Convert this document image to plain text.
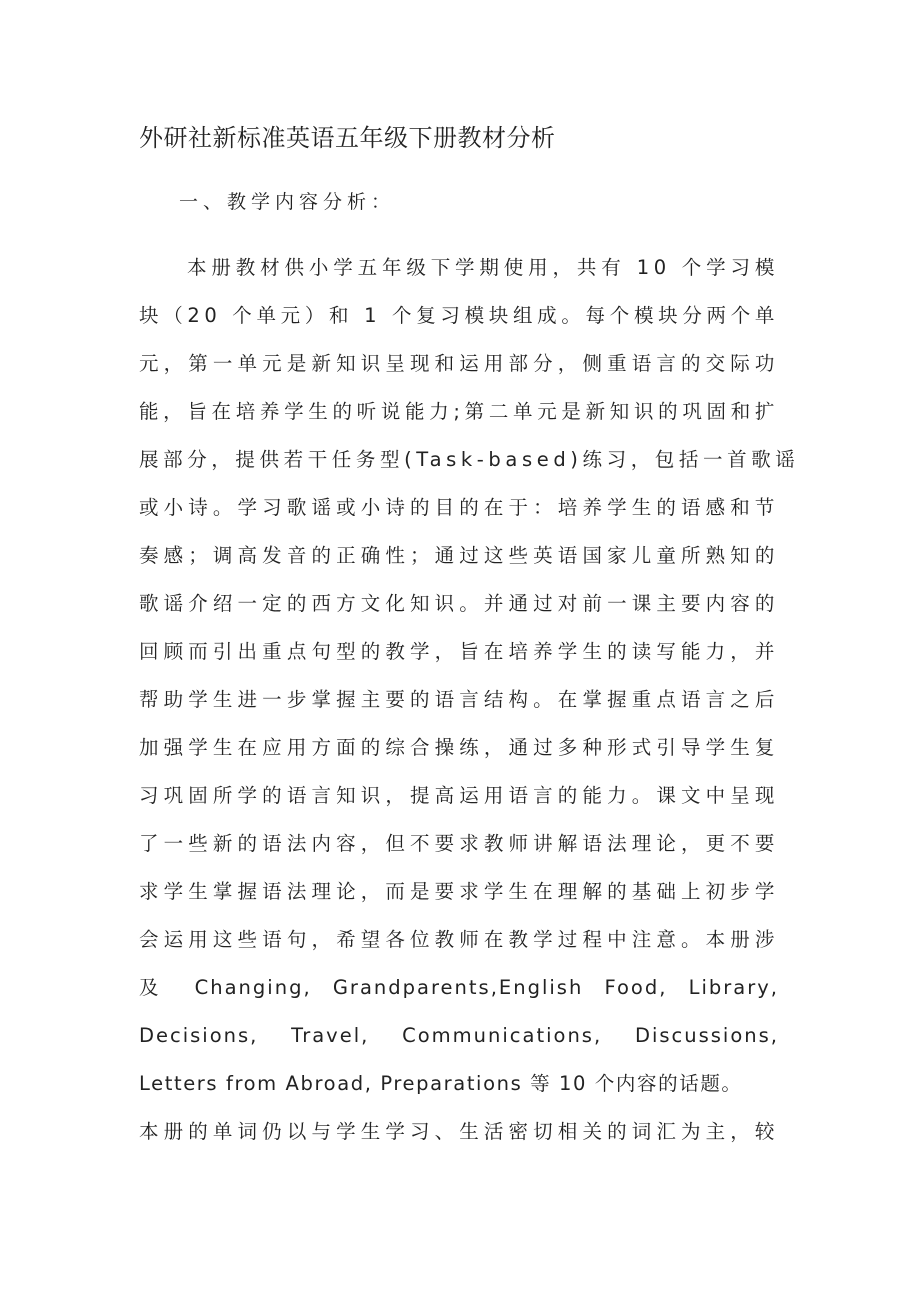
外研社新标准英语五年级下册教材分析
一、教学内容分析：
本册教材供小学五年级下学期使用，共有 10 个学习模
块（20 个单元）和 1 个复习模块组成。每个模块分两个单
元，第一单元是新知识呈现和运用部分，侧重语言的交际功
能，旨在培养学生的听说能力;第二单元是新知识的巩固和扩
展部分，提供若干任务型(Task-based)练习，包括一首歌谣
或小诗。学习歌谣或小诗的目的在于：培养学生的语感和节
奏感；调高发音的正确性；通过这些英语国家儿童所熟知的
歌谣介绍一定的西方文化知识。并通过对前一课主要内容的
回顾而引出重点句型的教学，旨在培养学生的读写能力，并
帮助学生进一步掌握主要的语言结构。在掌握重点语言之后
加强学生在应用方面的综合操练，通过多种形式引导学生复
习巩固所学的语言知识，提高运用语言的能力。课文中呈现
了一些新的语法内容，但不要求教师讲解语法理论，更不要
求学生掌握语法理论，而是要求学生在理解的基础上初步学
会运用这些语句，希望各位教师在教学过程中注意。本册涉
及 Changing, Grandparents,English Food, Library,
Decisions, Travel, Communications, Discussions,
Letters from Abroad, Preparations 等 10 个内容的话题。
本册的单词仍以与学生学习、生活密切相关的词汇为主，较
